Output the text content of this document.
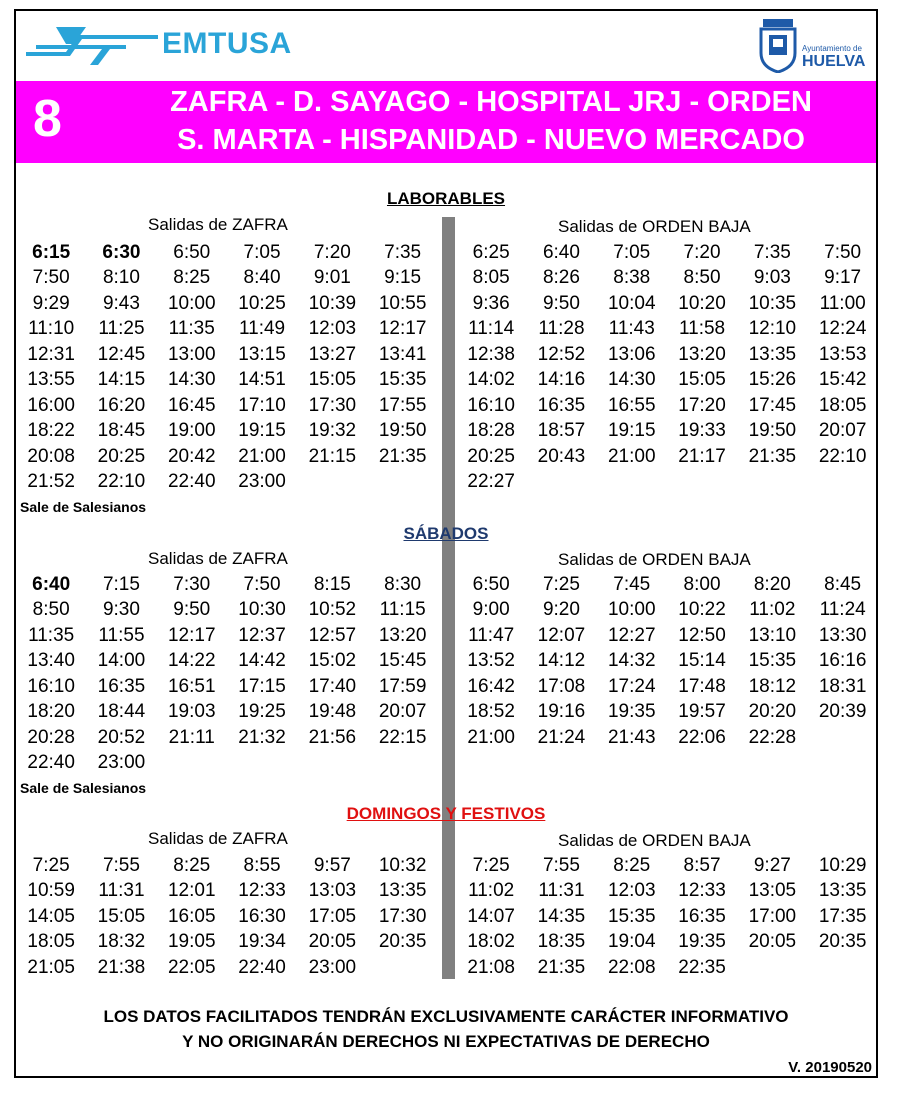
EMTUSA	Ayuntamiento de
HUELVA
8	ZAFRA - D. SAYAGO - HOSPITAL JRJ - ORDEN
S. MARTA - HISPANIDAD - NUEVO MERCADO
LABORABLES
Salidas de ZAFRA	Salidas de ORDEN BAJA
6:15	6:30	6:50	7:05	7:20	7:35
7:50	8:10	8:25	8:40	9:01	9:15
9:29	9:43	10:00	10:25	10:39	10:55
11:10	11:25	11:35	11:49	12:03	12:17
12:31	12:45	13:00	13:15	13:27	13:41
13:55	14:15	14:30	14:51	15:05	15:35
16:00	16:20	16:45	17:10	17:30	17:55
18:22	18:45	19:00	19:15	19:32	19:50
20:08	20:25	20:42	21:00	21:15	21:35
21:52	22:10	22:40	23:00
6:25	6:40	7:05	7:20	7:35	7:50
8:05	8:26	8:38	8:50	9:03	9:17
9:36	9:50	10:04	10:20	10:35	11:00
11:14	11:28	11:43	11:58	12:10	12:24
12:38	12:52	13:06	13:20	13:35	13:53
14:02	14:16	14:30	15:05	15:26	15:42
16:10	16:35	16:55	17:20	17:45	18:05
18:28	18:57	19:15	19:33	19:50	20:07
20:25	20:43	21:00	21:17	21:35	22:10
22:27
Sale de Salesianos
SÁBADOS
Salidas de ZAFRA	Salidas de ORDEN BAJA
6:40	7:15	7:30	7:50	8:15	8:30
8:50	9:30	9:50	10:30	10:52	11:15
11:35	11:55	12:17	12:37	12:57	13:20
13:40	14:00	14:22	14:42	15:02	15:45
16:10	16:35	16:51	17:15	17:40	17:59
18:20	18:44	19:03	19:25	19:48	20:07
20:28	20:52	21:11	21:32	21:56	22:15
22:40	23:00
6:50	7:25	7:45	8:00	8:20	8:45
9:00	9:20	10:00	10:22	11:02	11:24
11:47	12:07	12:27	12:50	13:10	13:30
13:52	14:12	14:32	15:14	15:35	16:16
16:42	17:08	17:24	17:48	18:12	18:31
18:52	19:16	19:35	19:57	20:20	20:39
21:00	21:24	21:43	22:06	22:28
Sale de Salesianos
DOMINGOS Y FESTIVOS
Salidas de ZAFRA	Salidas de ORDEN BAJA
7:25	7:55	8:25	8:55	9:57	10:32
10:59	11:31	12:01	12:33	13:03	13:35
14:05	15:05	16:05	16:30	17:05	17:30
18:05	18:32	19:05	19:34	20:05	20:35
21:05	21:38	22:05	22:40	23:00
7:25	7:55	8:25	8:57	9:27	10:29
11:02	11:31	12:03	12:33	13:05	13:35
14:07	14:35	15:35	16:35	17:00	17:35
18:02	18:35	19:04	19:35	20:05	20:35
21:08	21:35	22:08	22:35
LOS DATOS FACILITADOS TENDRÁN EXCLUSIVAMENTE CARÁCTER INFORMATIVO
Y NO ORIGINARÁN DERECHOS NI EXPECTATIVAS DE DERECHO
V. 20190520
